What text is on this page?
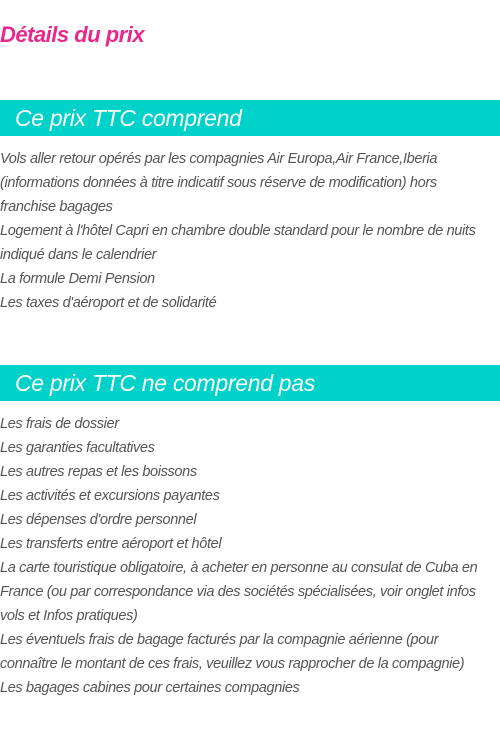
Détails du prix
Ce prix TTC comprend
Vols aller retour opérés par les compagnies Air Europa,Air France,Iberia (informations données à titre indicatif sous réserve de modification) hors franchise bagages
Logement à l'hôtel Capri en chambre double standard pour le nombre de nuits indiqué dans le calendrier
La formule Demi Pension
Les taxes d'aéroport et de solidarité
Ce prix TTC ne comprend pas
Les frais de dossier
Les garanties facultatives
Les autres repas et les boissons
Les activités et excursions payantes
Les dépenses d'ordre personnel
Les transferts entre aéroport et hôtel
La carte touristique obligatoire, à acheter en personne au consulat de Cuba en France (ou par correspondance via des sociétés spécialisées, voir onglet infos vols et Infos pratiques)
Les éventuels frais de bagage facturés par la compagnie aérienne (pour connaître le montant de ces frais, veuillez vous rapprocher de la compagnie)
Les bagages cabines pour certaines compagnies
